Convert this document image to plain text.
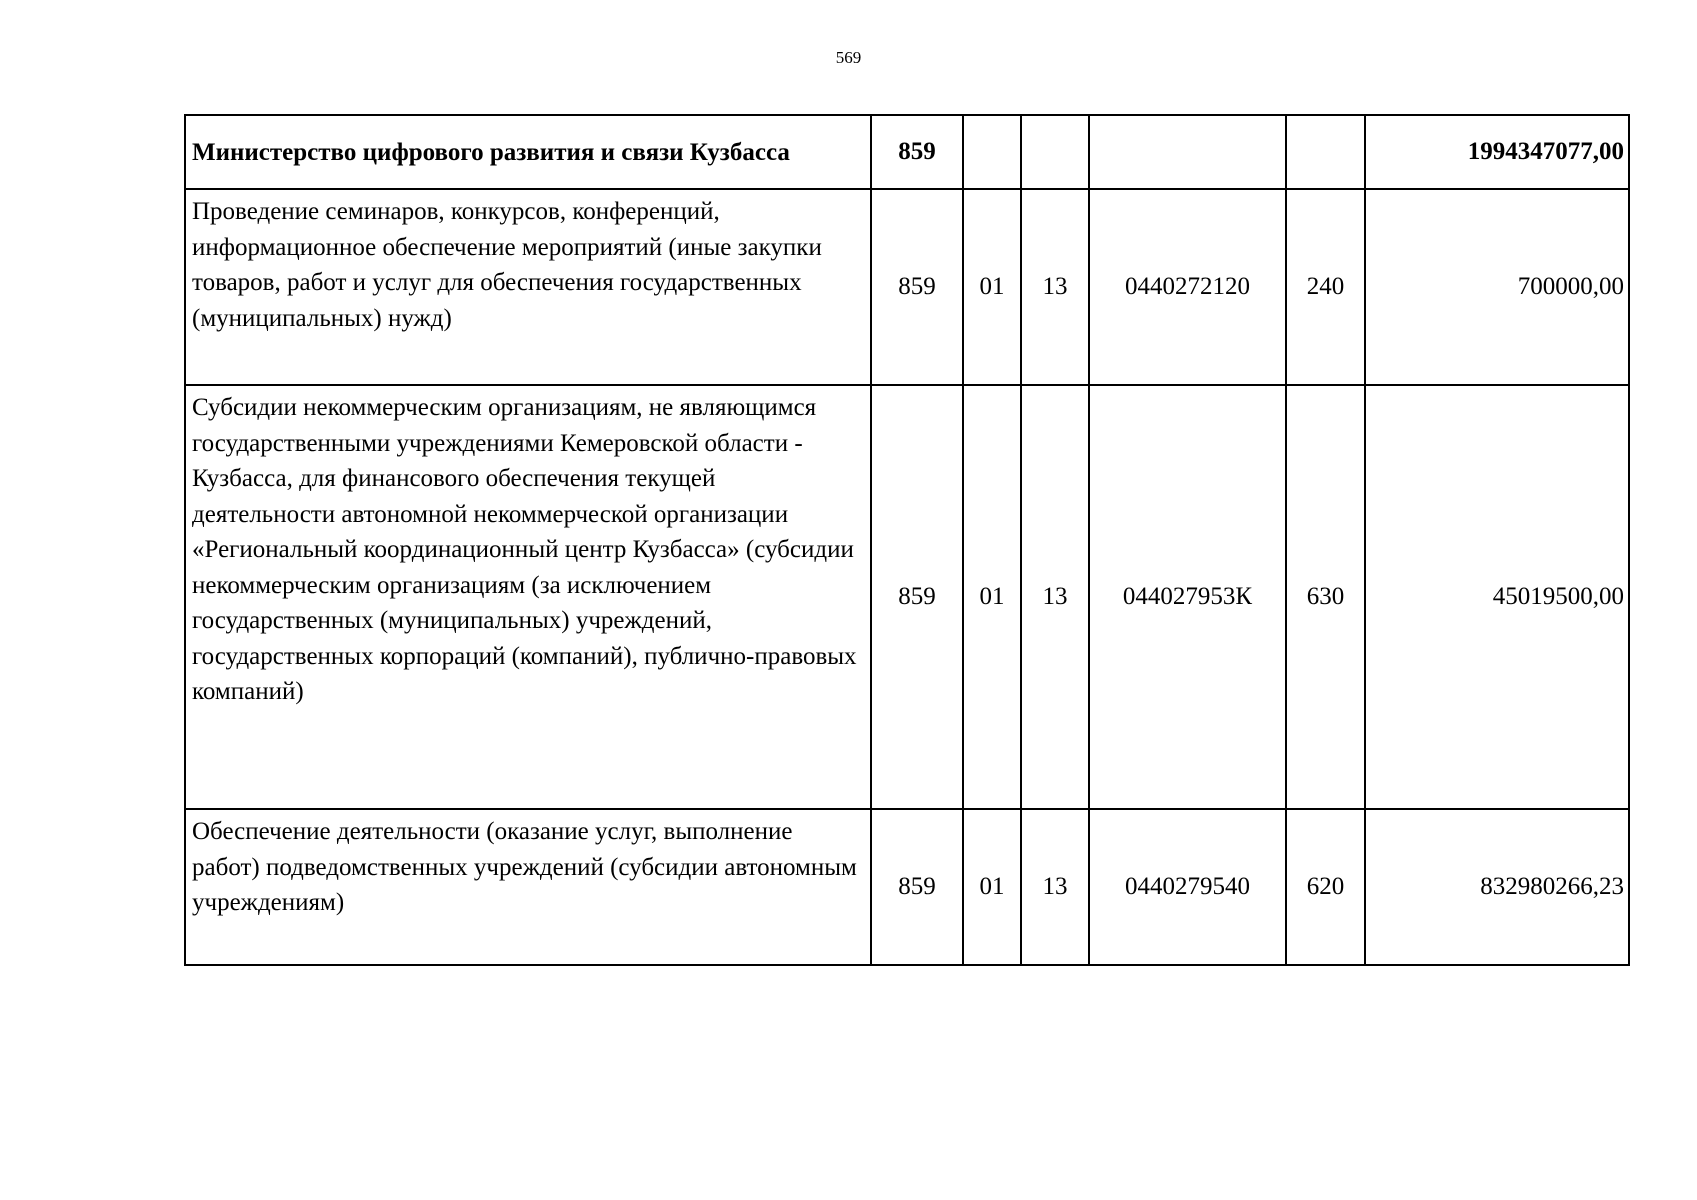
569
Министерство цифрового развития и связи Кузбасса	859					1994347077,00
Проведение семинаров, конкурсов, конференций, информационное обеспечение мероприятий (иные закупки товаров, работ и услуг для обеспечения государственных (муниципальных) нужд)	859	01	13	0440272120	240	700000,00
Субсидии некоммерческим организациям, не являющимся государственными учреждениями Кемеровской области - Кузбасса, для финансового обеспечения текущей деятельности автономной некоммерческой организации «Региональный координационный центр Кузбасса» (субсидии некоммерческим организациям (за исключением государственных (муниципальных) учреждений, государственных корпораций (компаний), публично-правовых компаний)	859	01	13	044027953К	630	45019500,00
Обеспечение деятельности (оказание услуг, выполнение работ) подведомственных учреждений (субсидии автономным учреждениям)	859	01	13	0440279540	620	832980266,23
